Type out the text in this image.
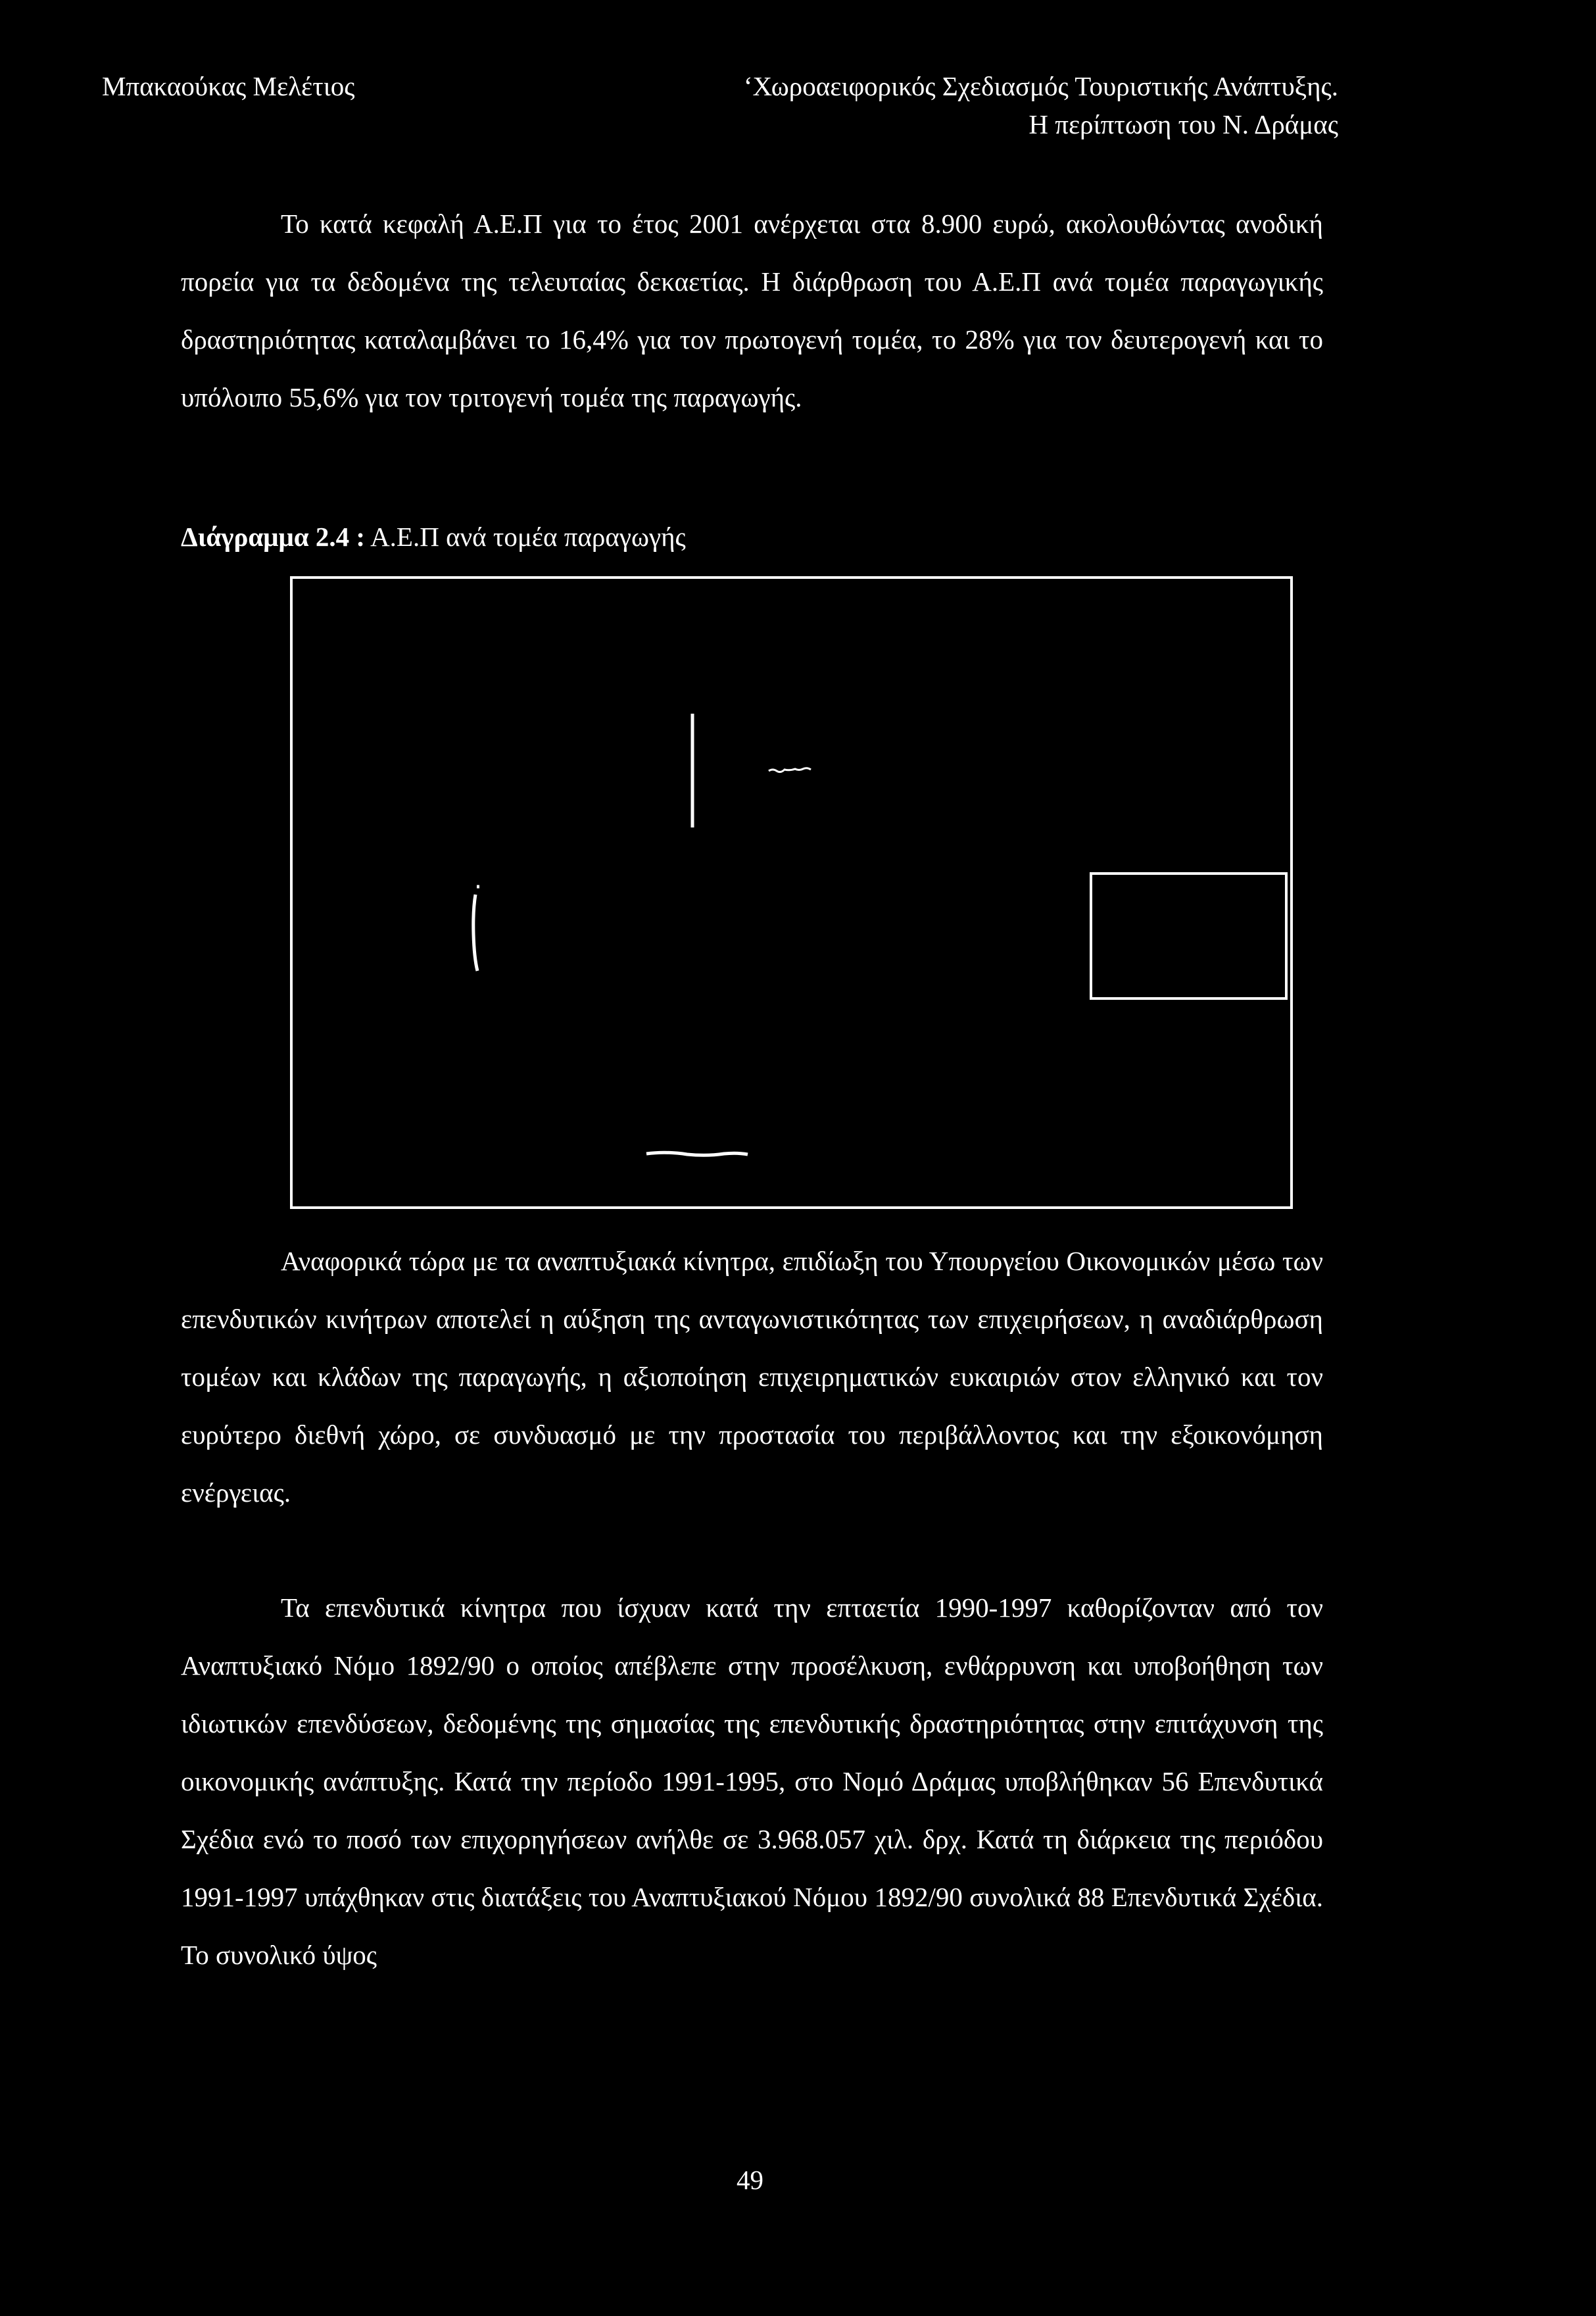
Μπακαούκας Μελέτιος	‘Χωροαειφορικός Σχεδιασμός Τουριστικής Ανάπτυξης.
Η περίπτωση του Ν. Δράμας

Το κατά κεφαλή Α.Ε.Π για το έτος 2001 ανέρχεται στα 8.900 ευρώ, ακολουθώντας ανοδική πορεία για τα δεδομένα της τελευταίας δεκαετίας. Η διάρθρωση του Α.Ε.Π ανά τομέα παραγωγικής δραστηριότητας καταλαμβάνει το 16,4% για τον πρωτογενή τομέα, το 28% για τον δευτερογενή και το υπόλοιπο 55,6% για τον τριτογενή τομέα της παραγωγής.

Διάγραμμα 2.4 : Α.Ε.Π ανά τομέα παραγωγής

Αναφορικά τώρα με τα αναπτυξιακά κίνητρα, επιδίωξη του Υπουργείου Οικονομικών μέσω των επενδυτικών κινήτρων αποτελεί η αύξηση της ανταγωνιστικότητας των επιχειρήσεων, η αναδιάρθρωση τομέων και κλάδων της παραγωγής, η αξιοποίηση επιχειρηματικών ευκαιριών στον ελληνικό και τον ευρύτερο διεθνή χώρο, σε συνδυασμό με την προστασία του περιβάλλοντος και την εξοικονόμηση ενέργειας.

Τα επενδυτικά κίνητρα που ίσχυαν κατά την επταετία 1990-1997 καθορίζονταν από τον Αναπτυξιακό Νόμο 1892/90 ο οποίος απέβλεπε στην προσέλκυση, ενθάρρυνση και υποβοήθηση των ιδιωτικών επενδύσεων, δεδομένης της σημασίας της επενδυτικής δραστηριότητας στην επιτάχυνση της οικονομικής ανάπτυξης. Κατά την περίοδο 1991-1995, στο Νομό Δράμας υποβλήθηκαν 56 Επενδυτικά Σχέδια ενώ το ποσό των επιχορηγήσεων ανήλθε σε 3.968.057 χιλ. δρχ. Κατά τη διάρκεια της περιόδου 1991-1997 υπάχθηκαν στις διατάξεις του Αναπτυξιακού Νόμου 1892/90 συνολικά 88 Επενδυτικά Σχέδια. Το συνολικό ύψος

49
